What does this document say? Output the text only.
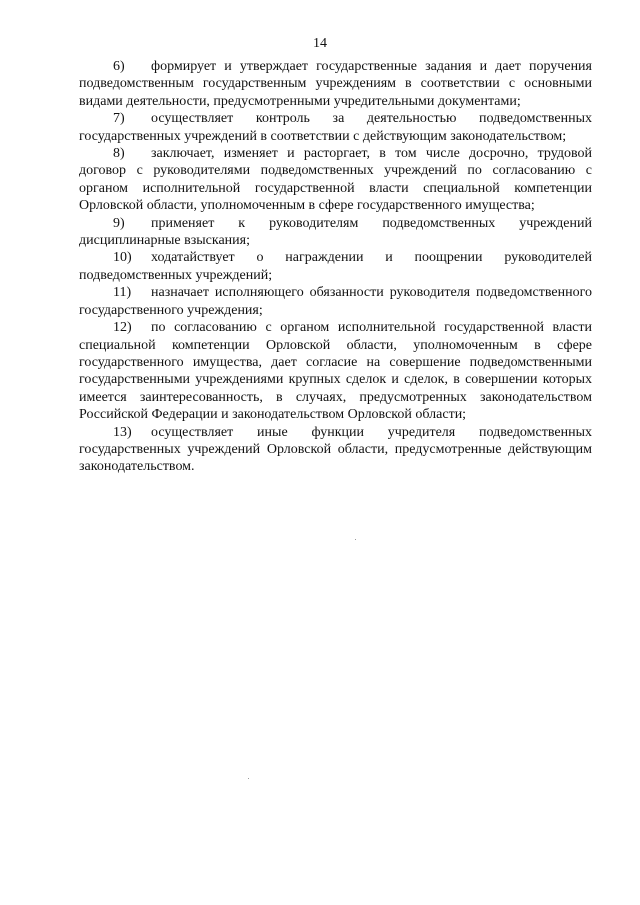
14

6) формирует и утверждает государственные задания и дает поручения подведомственным государственным учреждениям в соответствии с основными видами деятельности, предусмотренными учредительными документами;

7) осуществляет контроль за деятельностью подведомственных государственных учреждений в соответствии с действующим законодательством;

8) заключает, изменяет и расторгает, в том числе досрочно, трудовой договор с руководителями подведомственных учреждений по согласованию с органом исполнительной государственной власти специальной компетенции Орловской области, уполномоченным в сфере государственного имущества;

9) применяет к руководителям подведомственных учреждений дисциплинарные взыскания;

10) ходатайствует о награждении и поощрении руководителей подведомственных учреждений;

11) назначает исполняющего обязанности руководителя подведомственного государственного учреждения;

12) по согласованию с органом исполнительной государственной власти специальной компетенции Орловской области, уполномоченным в сфере государственного имущества, дает согласие на совершение подведомственными государственными учреждениями крупных сделок и сделок, в совершении которых имеется заинтересованность, в случаях, предусмотренных законодательством Российской Федерации и законодательством Орловской области;

13) осуществляет иные функции учредителя подведомственных государственных учреждений Орловской области, предусмотренные действующим законодательством.
